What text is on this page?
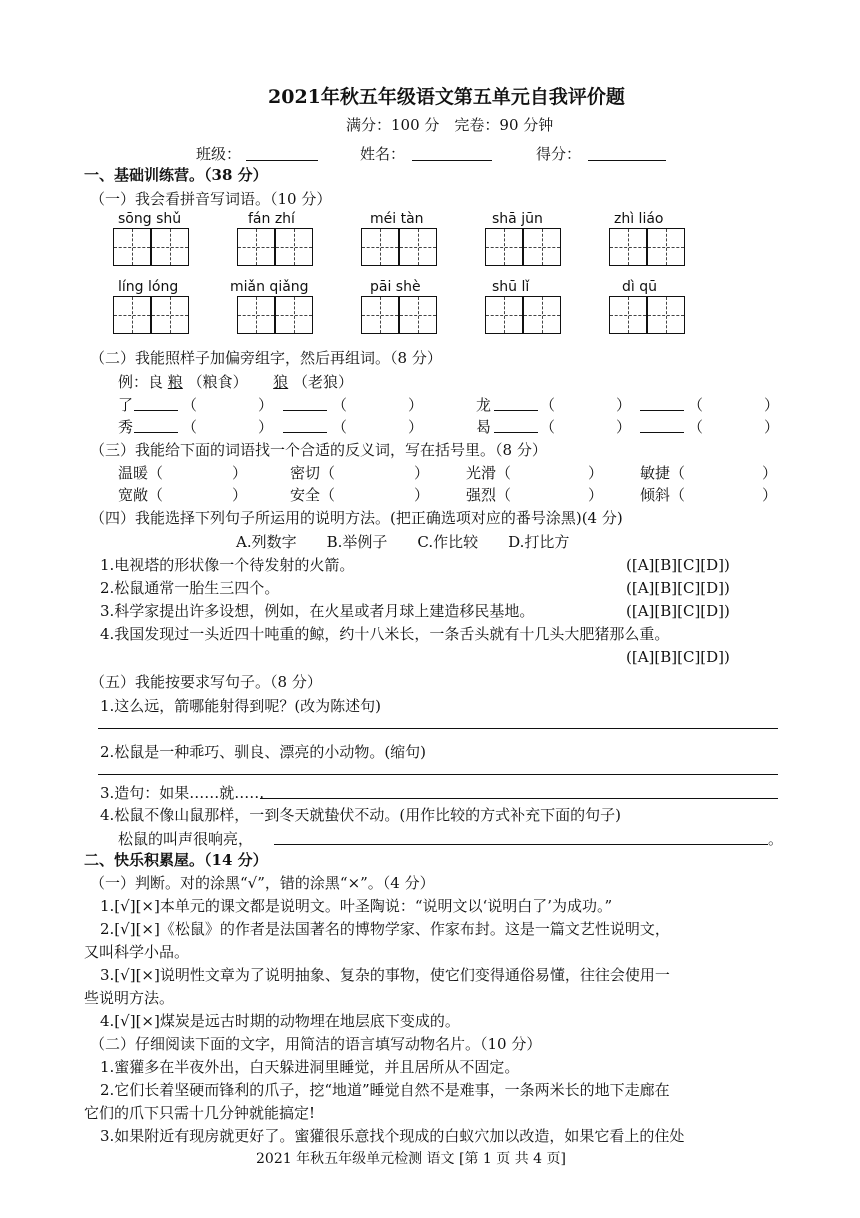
2021年秋五年级语文第五单元自我评价题
满分：100 分　完卷：90 分钟
班级：	姓名：	得分：
一、基础训练营。（38 分）
（一）我会看拼音写词语。（10 分）
sōng shǔ	fán zhí	méi tàn	shā jūn	zhì liáo
líng lóng	miǎn qiǎng	pāi shè	shū lǐ	dì qū
（二）我能照样子加偏旁组字，然后再组词。（8 分）
例：良 粮 （粮食） 狼 （老狼）
了	（	）	（	）	龙	（	）	（	）
秀	（	）	（	）	曷	（	）	（	）
（三）我能给下面的词语找一个合适的反义词，写在括号里。（8 分）
温暖（	）	密切（	） 光滑（	） 敏捷（	）
宽敞（	）	安全（	） 强烈（	） 倾斜（	）
（四）我能选择下列句子所运用的说明方法。(把正确选项对应的番号涂黑)(4 分)
A.列数字　　B.举例子　　C.作比较　　D.打比方
1.电视塔的形状像一个待发射的火箭。	([A][B][C][D])
2.松鼠通常一胎生三四个。	([A][B][C][D])
3.科学家提出许多设想，例如，在火星或者月球上建造移民基地。	([A][B][C][D])
4.我国发现过一头近四十吨重的鲸，约十八米长，一条舌头就有十几头大肥猪那么重。
([A][B][C][D])
（五）我能按要求写句子。（8 分）
1.这么远，箭哪能射得到呢？(改为陈述句)
2.松鼠是一种乖巧、驯良、漂亮的小动物。(缩句)
3.造句：如果……就……
4.松鼠不像山鼠那样，一到冬天就蛰伏不动。(用作比较的方式补充下面的句子)
松鼠的叫声很响亮，	。
二、快乐积累屋。（14 分）
（一）判断。对的涂黑“√”，错的涂黑“×”。（4 分）
1.[√][×]本单元的课文都是说明文。叶圣陶说：“说明文以‘说明白了’为成功。”
2.[√][×]《松鼠》的作者是法国著名的博物学家、作家布封。这是一篇文艺性说明文，
又叫科学小品。
3.[√][×]说明性文章为了说明抽象、复杂的事物，使它们变得通俗易懂，往往会使用一
些说明方法。
4.[√][×]煤炭是远古时期的动物埋在地层底下变成的。
（二）仔细阅读下面的文字，用简洁的语言填写动物名片。（10 分）
1.蜜獾多在半夜外出，白天躲进洞里睡觉，并且居所从不固定。
2.它们长着坚硬而锋利的爪子，挖“地道”睡觉自然不是难事，一条两米长的地下走廊在
它们的爪下只需十几分钟就能搞定!
3.如果附近有现房就更好了。蜜獾很乐意找个现成的白蚁穴加以改造，如果它看上的住处
2021 年秋五年级单元检测 语文 [第 1 页 共 4 页]
